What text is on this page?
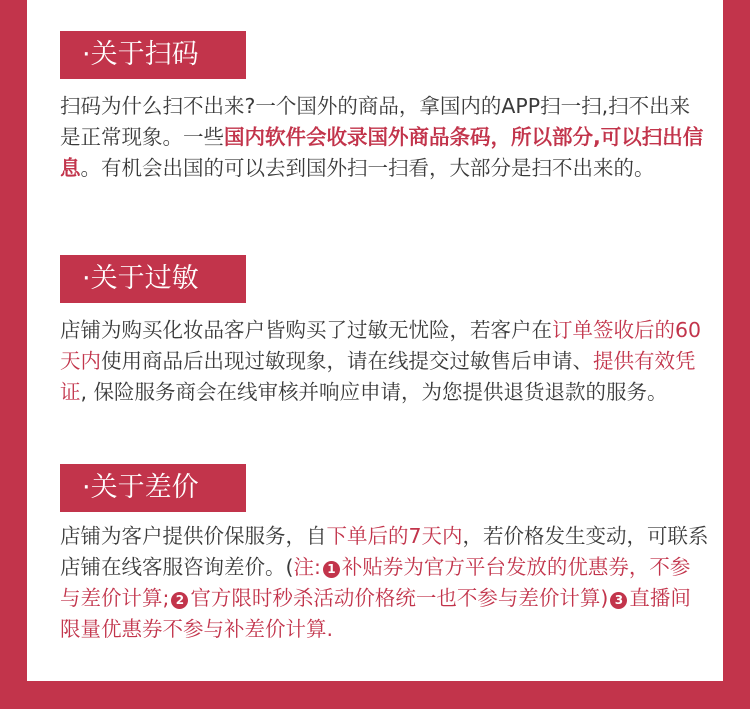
·关于扫码

扫码为什么扫不出来?一个国外的商品，拿国内的APP扫一扫,扫不出来是正常现象。一些国内软件会收录国外商品条码，所以部分,可以扫出信息。有机会出国的可以去到国外扫一扫看，大部分是扫不出来的。

·关于过敏

店铺为购买化妆品客户皆购买了过敏无忧险，若客户在订单签收后的60天内使用商品后出现过敏现象，请在线提交过敏售后申请、提供有效凭证, 保险服务商会在线审核并响应申请，为您提供退货退款的服务。

·关于差价

店铺为客户提供价保服务，自下单后的7天内，若价格发生变动，可联系店铺在线客服咨询差价。(注: 1 补贴券为官方平台发放的优惠券，不参与差价计算; 2 官方限时秒杀活动价格统一也不参与差价计算) 3 直播间限量优惠券不参与补差价计算.
